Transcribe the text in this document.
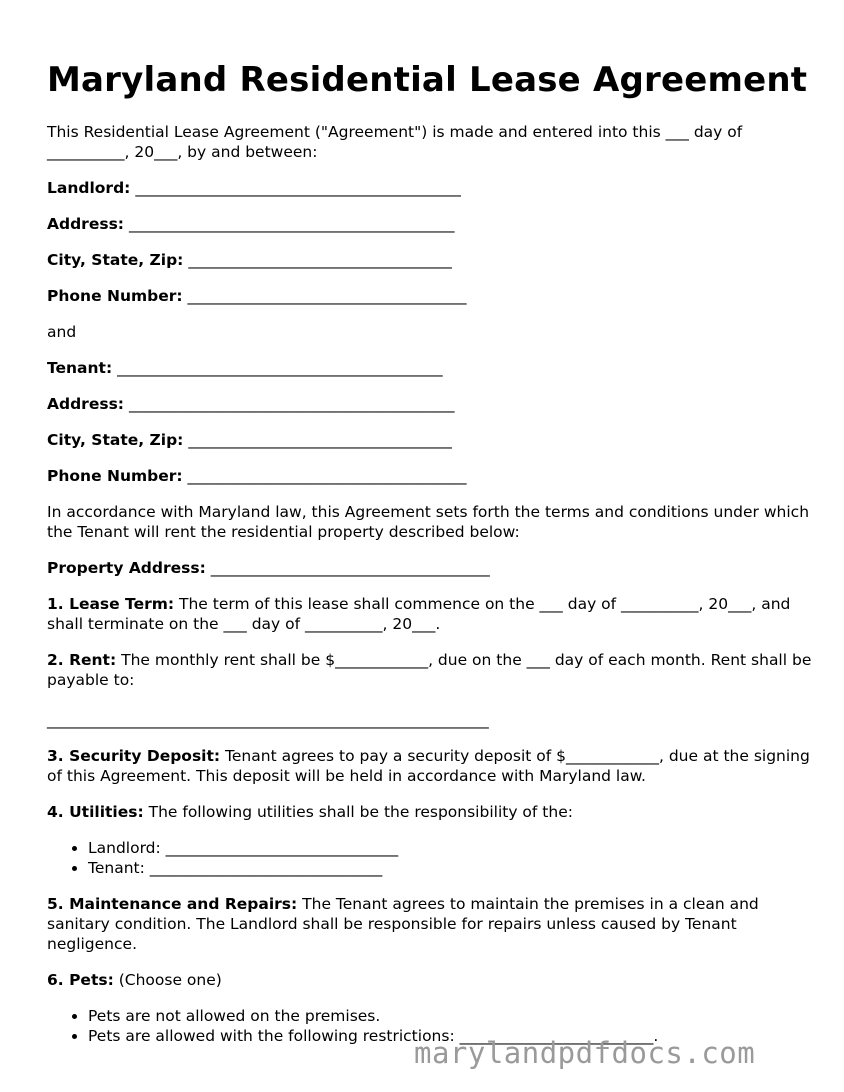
Maryland Residential Lease Agreement

This Residential Lease Agreement ("Agreement") is made and entered into this ___ day of __________, 20___, by and between:

Landlord: __________________________________________
Address: __________________________________________
City, State, Zip: __________________________________
Phone Number: ____________________________________

and

Tenant: __________________________________________
Address: __________________________________________
City, State, Zip: __________________________________
Phone Number: ____________________________________

In accordance with Maryland law, this Agreement sets forth the terms and conditions under which the Tenant will rent the residential property described below:

Property Address: ____________________________________

1. Lease Term: The term of this lease shall commence on the ___ day of __________, 20___, and shall terminate on the ___ day of __________, 20___.

2. Rent: The monthly rent shall be $____________, due on the ___ day of each month. Rent shall be payable to:

_________________________________________________________

3. Security Deposit: Tenant agrees to pay a security deposit of $____________, due at the signing of this Agreement. This deposit will be held in accordance with Maryland law.

4. Utilities: The following utilities shall be the responsibility of the:

• Landlord: ______________________________
• Tenant: ______________________________

5. Maintenance and Repairs: The Tenant agrees to maintain the premises in a clean and sanitary condition. The Landlord shall be responsible for repairs unless caused by Tenant negligence.

6. Pets: (Choose one)

• Pets are not allowed on the premises.
• Pets are allowed with the following restrictions: _________________________.
marylandpdfdocs.com
